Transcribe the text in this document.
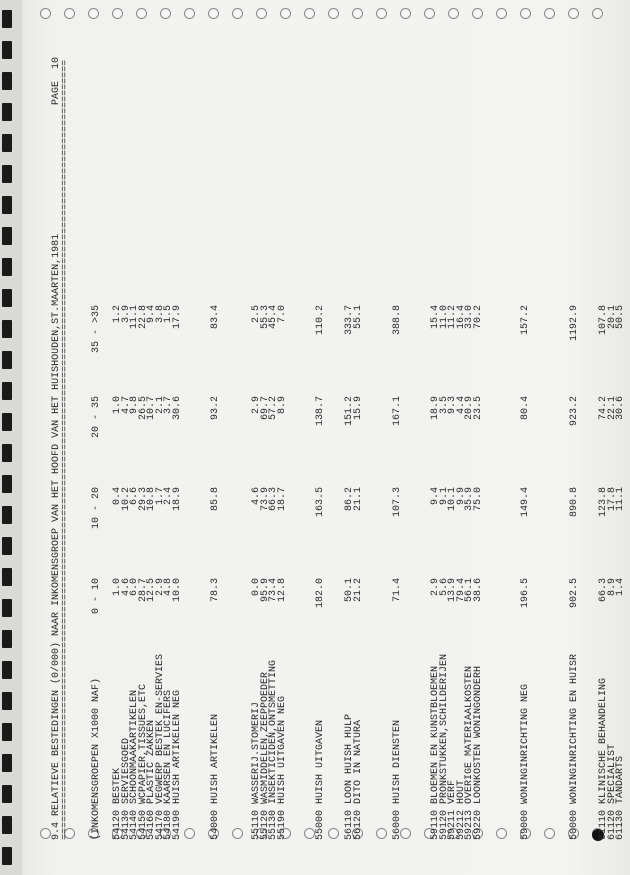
9.4 RELATIEVE BESTEDINGEN (0/000) NAAR INKOMENSGROEP VAN HET HOOFD VAN HET HUISHOUDEN,ST.MAARTEN,1981

PAGE  10

==================================================================================================================================

(INKOMENSGROEPEN X1000 NAF)

0 - 10

10 - 20

20 - 35

35 - >35

54120 BESTEK
1.0
0.4
1.0
1.2
54130 SERVIESGOED
4.6
10.2
4.7
3.9
54140 SCHOONMAAKARTIKELEN
6.0
6.6
9.8
11.1
54150 WCPAPIER,TISSUES,ETC
28.7
29.3
26.5
22.8
54160 PLASTIC ZAKKEN
12.5
10.8
10.7
9.4
54170 VEGWERP BESTEK EN-SERVIES
2.9
1.7
2.1
3.8
54180 KAARSEN EN LUCIFERS
4.8
2.4
3.7
1.5
54190 HUISH ARTIKELEN NEG
10.0
18.9
30.6
17.9
54000 HUISH ARTIKELEN
78.3
85.8
93.2
83.4
55110 WASSERIJ.STOMERIJ
0.0
4.6
2.9
2.5
55120 WASMIDDELEN,ZEEPPOEDER
95.9
73.9
69.7
55.3
55130 INSEKTICIDEN,ONTSMETTING
73.4
66.3
57.2
45.4
55190 HUISH UITGAVEN NEG
12.8
18.7
8.9
7.0
55000 HUISH UITGAVEN
182.0
163.5
138.7
110.2
56110 LOON HUISH HULP
50.1
86.2
151.2
333.7
56120 DITO IN NATURA
21.2
21.1
15.9
55.1
56000 HUISH DIENSTEN
71.4
107.3
167.1
388.8
59110 BLOEMEN EN KUNSTBLOEMEN
2.9
9.4
18.9
15.4
59120 PRONKSTUKKEN,SCHILDERIJEN
5.6
9.1
3.5
11.0
59211 VERF
13.9
10.1
9.3
11.2
59212 HOUT
79.4
9.9
4.4
16.4
59213 OVERIGE MATERIAALKOSTEN
56.1
35.9
20.9
33.0
59220 LOONKOSTEN WONINGONDERH
38.6
75.0
23.5
70.2
59000 WONINGINRICHTING NEG
196.5
149.4
80.4
157.2
50000 WONINGINRICHTING EN HUISR
902.5
890.8
923.2
1192.9
61110 KLINISCHE BEHANDELING
66.3
123.8
74.2
107.8
61120 SPECIALIST
8.9
17.8
22.1
20.1
61130 TANDARTS
1.4
11.1
30.6
50.5
